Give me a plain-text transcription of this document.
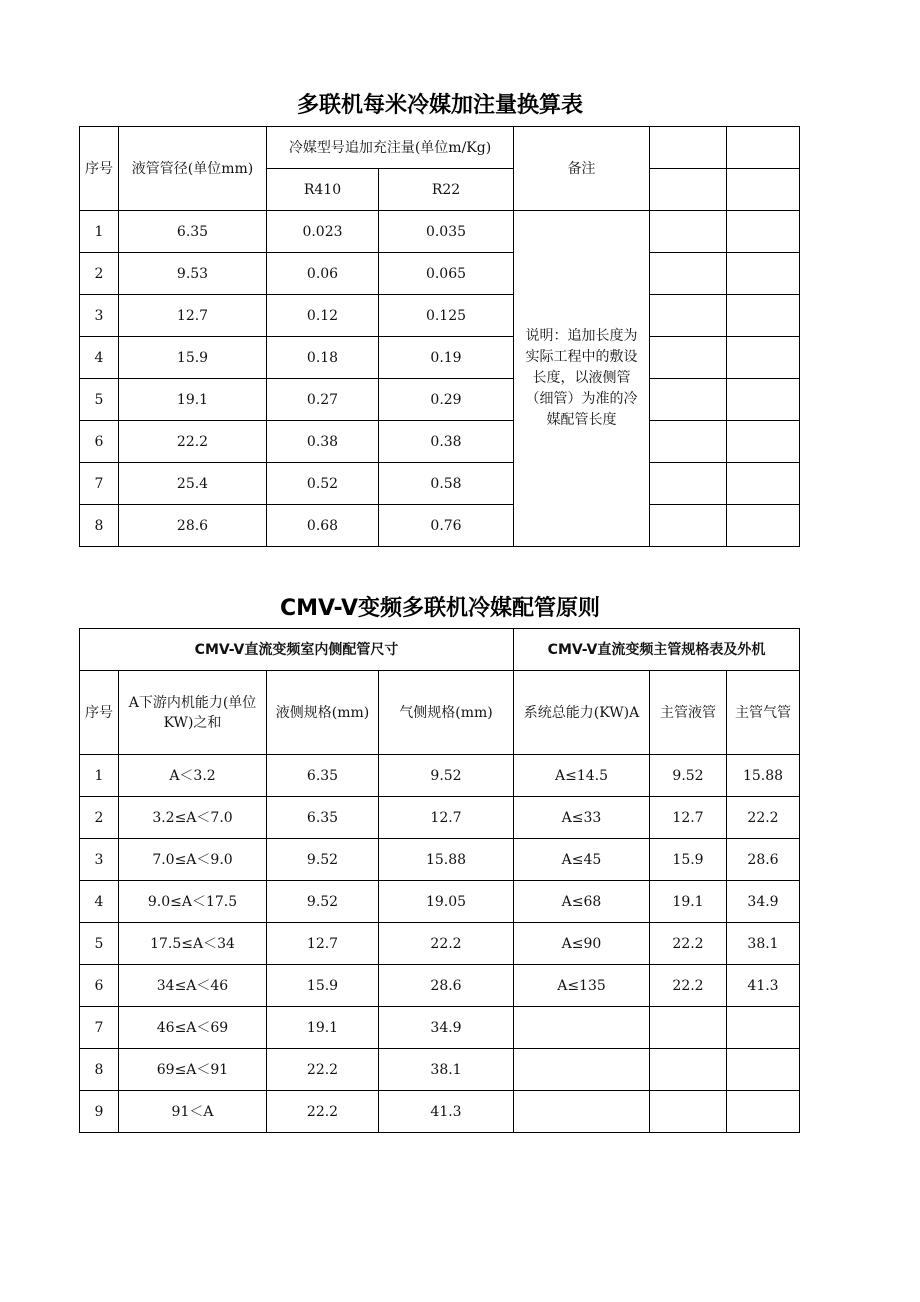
多联机每米冷媒加注量换算表
序号	液管管径(单位mm)	冷媒型号追加充注量(单位m/Kg)		备注		
		R410	R22			
1	6.35	0.023	0.035	说明：追加长度为实际工程中的敷设长度，以液侧管（细管）为准的冷媒配管长度		
2	9.53	0.06	0.065			
3	12.7	0.12	0.125			
4	15.9	0.18	0.19			
5	19.1	0.27	0.29			
6	22.2	0.38	0.38			
7	25.4	0.52	0.58			
8	28.6	0.68	0.76			
CMV-V变频多联机冷媒配管原则
CMV-V直流变频室内侧配管尺寸				CMV-V直流变频主管规格表及外机		
序号	A下游内机能力(单位KW)之和	液侧规格(mm)	气侧规格(mm)	系统总能力(KW)A	主管液管	主管气管
1	A＜3.2	6.35	9.52	A≤14.5	9.52	15.88
2	3.2≤A＜7.0	6.35	12.7	A≤33	12.7	22.2
3	7.0≤A＜9.0	9.52	15.88	A≤45	15.9	28.6
4	9.0≤A＜17.5	9.52	19.05	A≤68	19.1	34.9
5	17.5≤A＜34	12.7	22.2	A≤90	22.2	38.1
6	34≤A＜46	15.9	28.6	A≤135	22.2	41.3
7	46≤A＜69	19.1	34.9			
8	69≤A＜91	22.2	38.1			
9	91＜A	22.2	41.3			
